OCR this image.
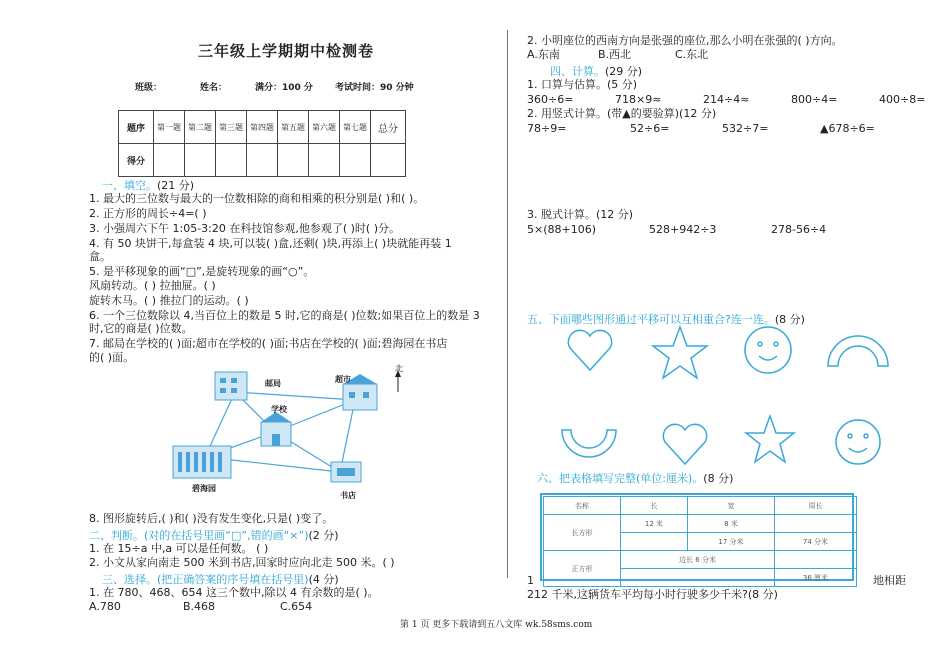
三年级上学期期中检测卷
班级：	姓名：	满分：100 分 考试时间：90 分钟
题序	第一题	第二题	第三题	第四题	第五题	第六题	第七题	总分
得分								
一、填空。(21 分)
1. 最大的三位数与最大的一位数相除的商和相乘的积分别是( )和( )。
2. 正方形的周长÷4=( )
3. 小强周六下午 1:05-3:20 在科技馆参观,他参观了( )时( )分。
4. 有 50 块饼干,每盒装 4 块,可以装( )盒,还剩( )块,再添上( )块就能再装 1
盒。
5. 是平移现象的画“□”,是旋转现象的画“○”。
风扇转动。( ) 拉抽屉。( )
旋转木马。( ) 推拉门的运动。( )
6. 一个三位数除以 4,当百位上的数是 5 时,它的商是( )位数;如果百位上的数是 3
时,它的商是( )位数。
7. 邮局在学校的( )面;超市在学校的( )面;书店在学校的( )面;碧海园在书店
的( )面。
邮局	超市
学校
碧海园
书店
北
8. 图形旋转后,( )和( )没有发生变化,只是( )变了。
二、判断。(对的在括号里画“□”,错的画“×”)(2 分)
1. 在 15÷a 中,a 可以是任何数。 ( )
2. 小文从家向南走 500 米到书店,回家时应向北走 500 米。( )
三、选择。(把正确答案的序号填在括号里)(4 分)
1. 在 780、468、654 这三个数中,除以 4 有余数的是( )。
A.780	B.468	C.654
2. 小明座位的西南方向是张强的座位,那么小明在张强的( )方向。
A.东南	B.西北	C.东北
四、计算。(29 分)
1. 口算与估算。(5 分)
360÷6=	718×9≈	214÷4≈	800÷4=	400÷8=
2. 用竖式计算。(带▲的要验算)(12 分)
78÷9=	52÷6=	532÷7=	▲678÷6=
3. 脱式计算。(12 分)
5×(88+106)	528+942÷3	278-56÷4
五、下面哪些图形通过平移可以互相重合?连一连。(8 分)
六、把表格填写完整(单位:厘米)。(8 分)
名称	长	宽	周长
长方形	12 米	8 米	
		17 分米	74 分米
正方形	边长 6 分米		
			36 厘米
1	地相距
212 千米,这辆货车平均每小时行驶多少千米?(8 分)
第 1 页 更多下载请到五八文库 wk.58sms.com
